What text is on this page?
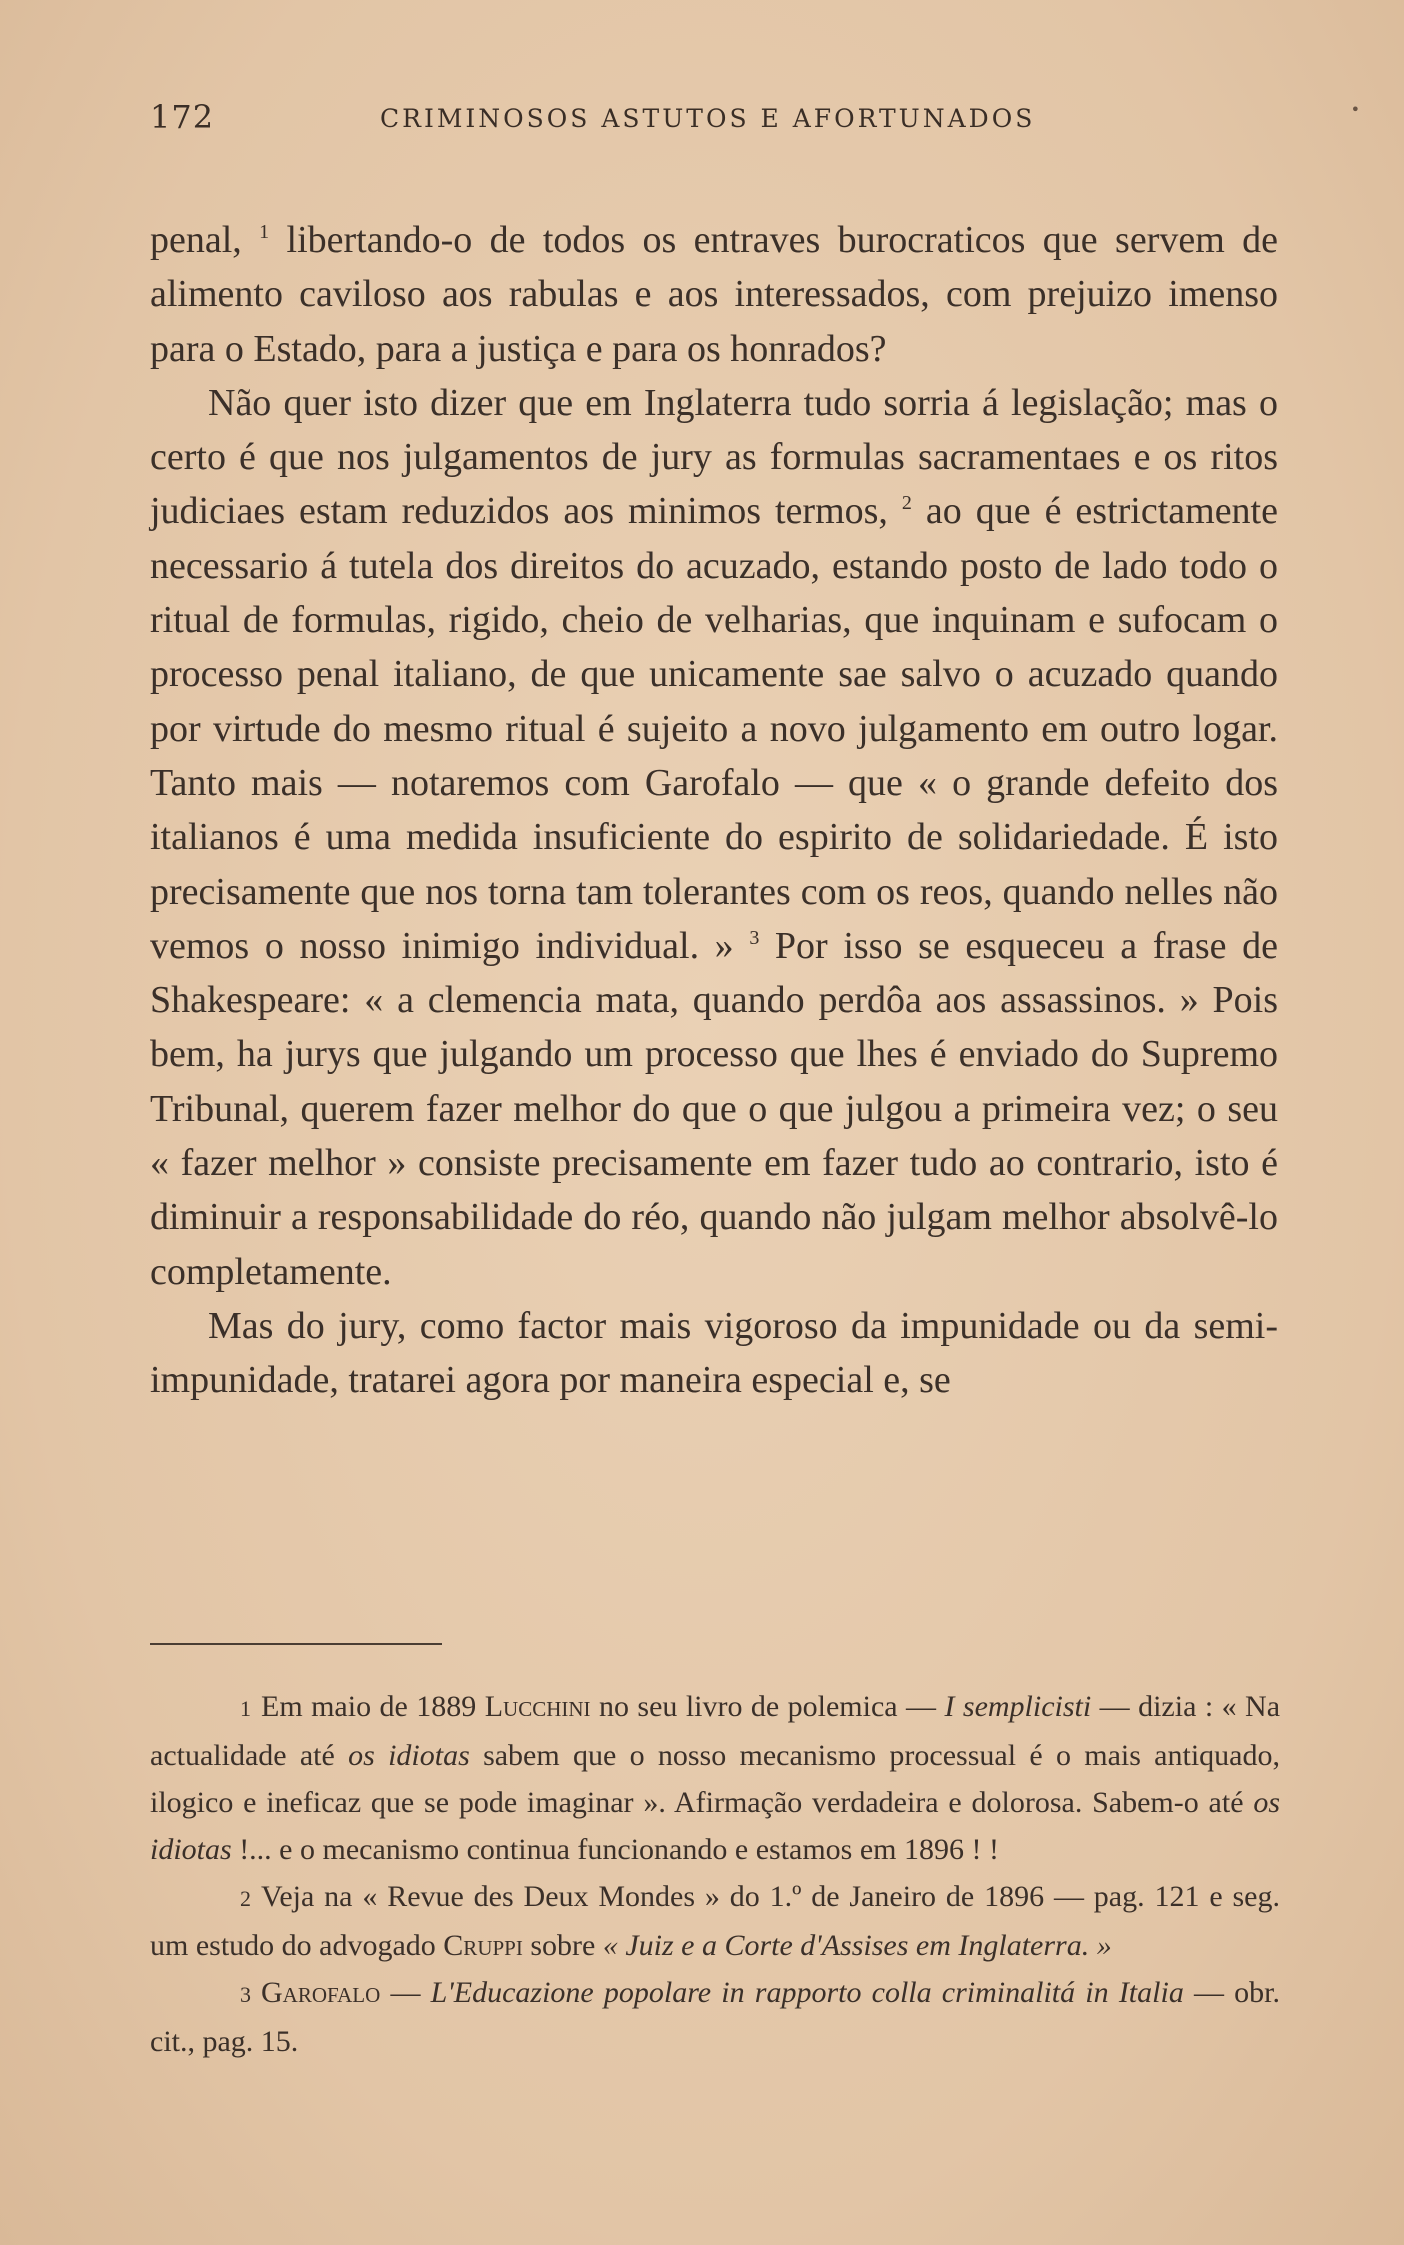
172	CRIMINOSOS ASTUTOS E AFORTUNADOS	•

penal, $^1$ libertando-o de todos os entraves burocraticos que servem de alimento caviloso aos rabulas e aos interessados, com prejuizo imenso para o Estado, para a justiça e para os honrados?

Não quer isto dizer que em Inglaterra tudo sorria á legislação; mas o certo é que nos julgamentos de jury as formulas sacramentaes e os ritos judiciaes estam reduzidos aos minimos termos, $^2$ ao que é estrictamente necessario á tutela dos direitos do acuzado, estando posto de lado todo o ritual de formulas, rigido, cheio de velharias, que inquinam e sufocam o processo penal italiano, de que unicamente sae salvo o acuzado quando por virtude do mesmo ritual é sujeito a novo julgamento em outro logar. Tanto mais — notaremos com Garofalo — que « o grande defeito dos italianos é uma medida insuficiente do espirito de solidariedade. É isto precisamente que nos torna tam tolerantes com os reos, quando nelles não vemos o nosso inimigo individual. » $^3$ Por isso se esqueceu a frase de Shakespeare: « a clemencia mata, quando perdôa aos assassinos. » Pois bem, ha jurys que julgando um processo que lhes é enviado do Supremo Tribunal, querem fazer melhor do que o que julgou a primeira vez; o seu « fazer melhor » consiste precisamente em fazer tudo ao contrario, isto é diminuir a responsabilidade do réo, quando não julgam melhor absolvê-lo completamente.

Mas do jury, como factor mais vigoroso da impunidade ou da semi-impunidade, tratarei agora por maneira especial e, se

1 Em maio de 1889 Lucchini no seu livro de polemica — I semplicisti — dizia : « Na actualidade até os idiotas sabem que o nosso mecanismo processual é o mais antiquado, ilogico e ineficaz que se pode imaginar ». Afirmação verdadeira e dolorosa. Sabem-o até os idiotas !... e o mecanismo continua funcionando e estamos em 1896 ! !

2 Veja na « Revue des Deux Mondes » do 1.º de Janeiro de 1896 — pag. 121 e seg. um estudo do advogado Cruppi sobre « Juiz e a Corte d'Assises em Inglaterra. »

3 Garofalo — L'Educazione popolare in rapporto colla criminalitá in Italia — obr. cit., pag. 15.
